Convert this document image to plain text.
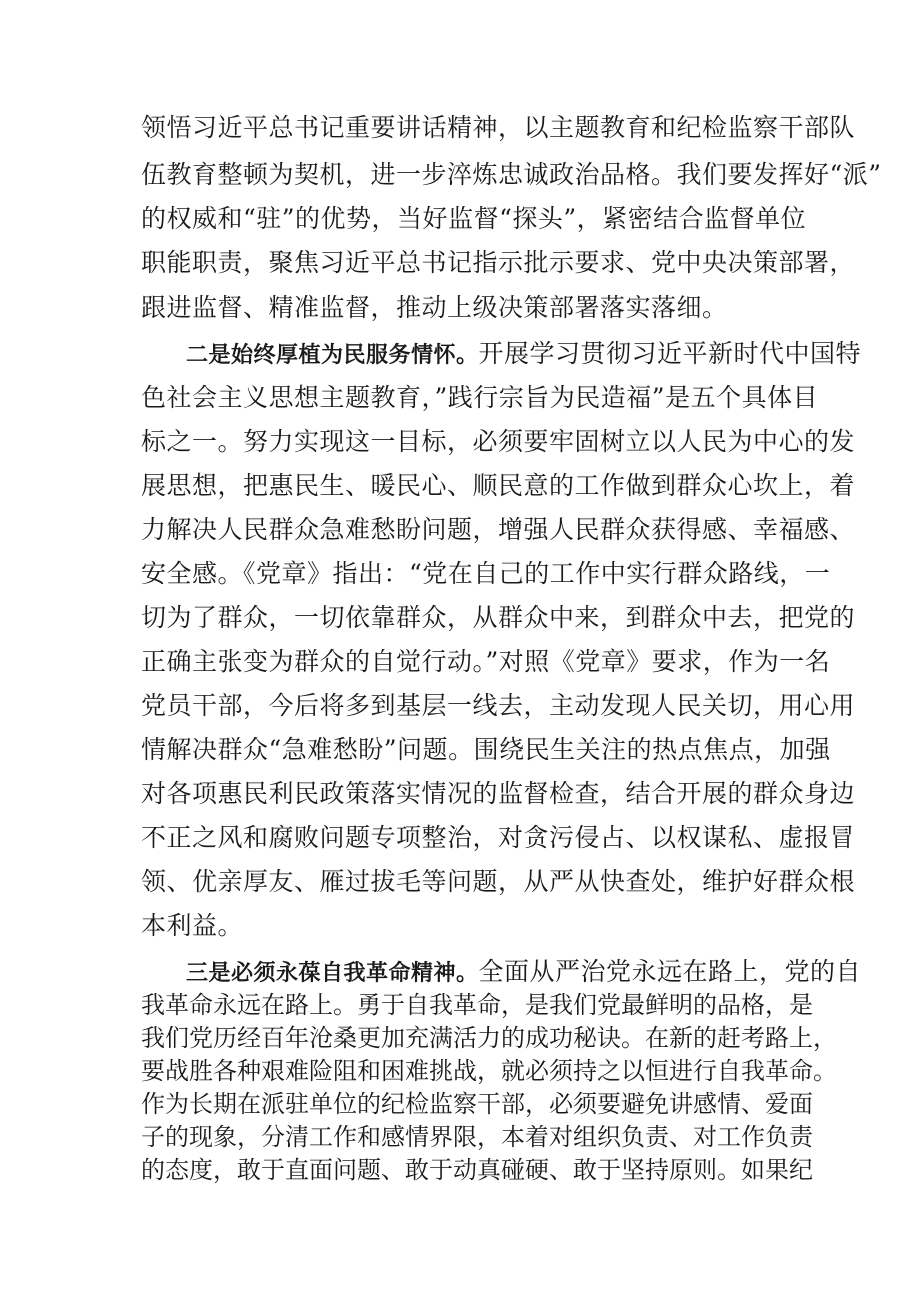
领悟习近平总书记重要讲话精神，以主题教育和纪检监察干部队
伍教育整顿为契机，进一步淬炼忠诚政治品格。我们要发挥好“派”
的权威和“驻”的优势，当好监督“探头”，紧密结合监督单位
职能职责，聚焦习近平总书记指示批示要求、党中央决策部署，
跟进监督、精准监督，推动上级决策部署落实落细。
二是始终厚植为民服务情怀。开展学习贯彻习近平新时代中国特
色社会主义思想主题教育，”践行宗旨为民造福”是五个具体目
标之一。努力实现这一目标，必须要牢固树立以人民为中心的发
展思想，把惠民生、暖民心、顺民意的工作做到群众心坎上，着
力解决人民群众急难愁盼问题，增强人民群众获得感、幸福感、
安全感。《党章》指出：“党在自己的工作中实行群众路线，一
切为了群众，一切依靠群众，从群众中来，到群众中去，把党的
正确主张变为群众的自觉行动。”对照《党章》要求，作为一名
党员干部，今后将多到基层一线去，主动发现人民关切，用心用
情解决群众“急难愁盼”问题。围绕民生关注的热点焦点，加强
对各项惠民利民政策落实情况的监督检查，结合开展的群众身边
不正之风和腐败问题专项整治，对贪污侵占、以权谋私、虚报冒
领、优亲厚友、雁过拔毛等问题，从严从快查处，维护好群众根
本利益。
三是必须永葆自我革命精神。全面从严治党永远在路上，党的自
我革命永远在路上。勇于自我革命，是我们党最鲜明的品格，是
我们党历经百年沧桑更加充满活力的成功秘诀。在新的赶考路上，
要战胜各种艰难险阻和困难挑战，就必须持之以恒进行自我革命。
作为长期在派驻单位的纪检监察干部，必须要避免讲感情、爱面
子的现象，分清工作和感情界限，本着对组织负责、对工作负责
的态度，敢于直面问题、敢于动真碰硬、敢于坚持原则。如果纪
